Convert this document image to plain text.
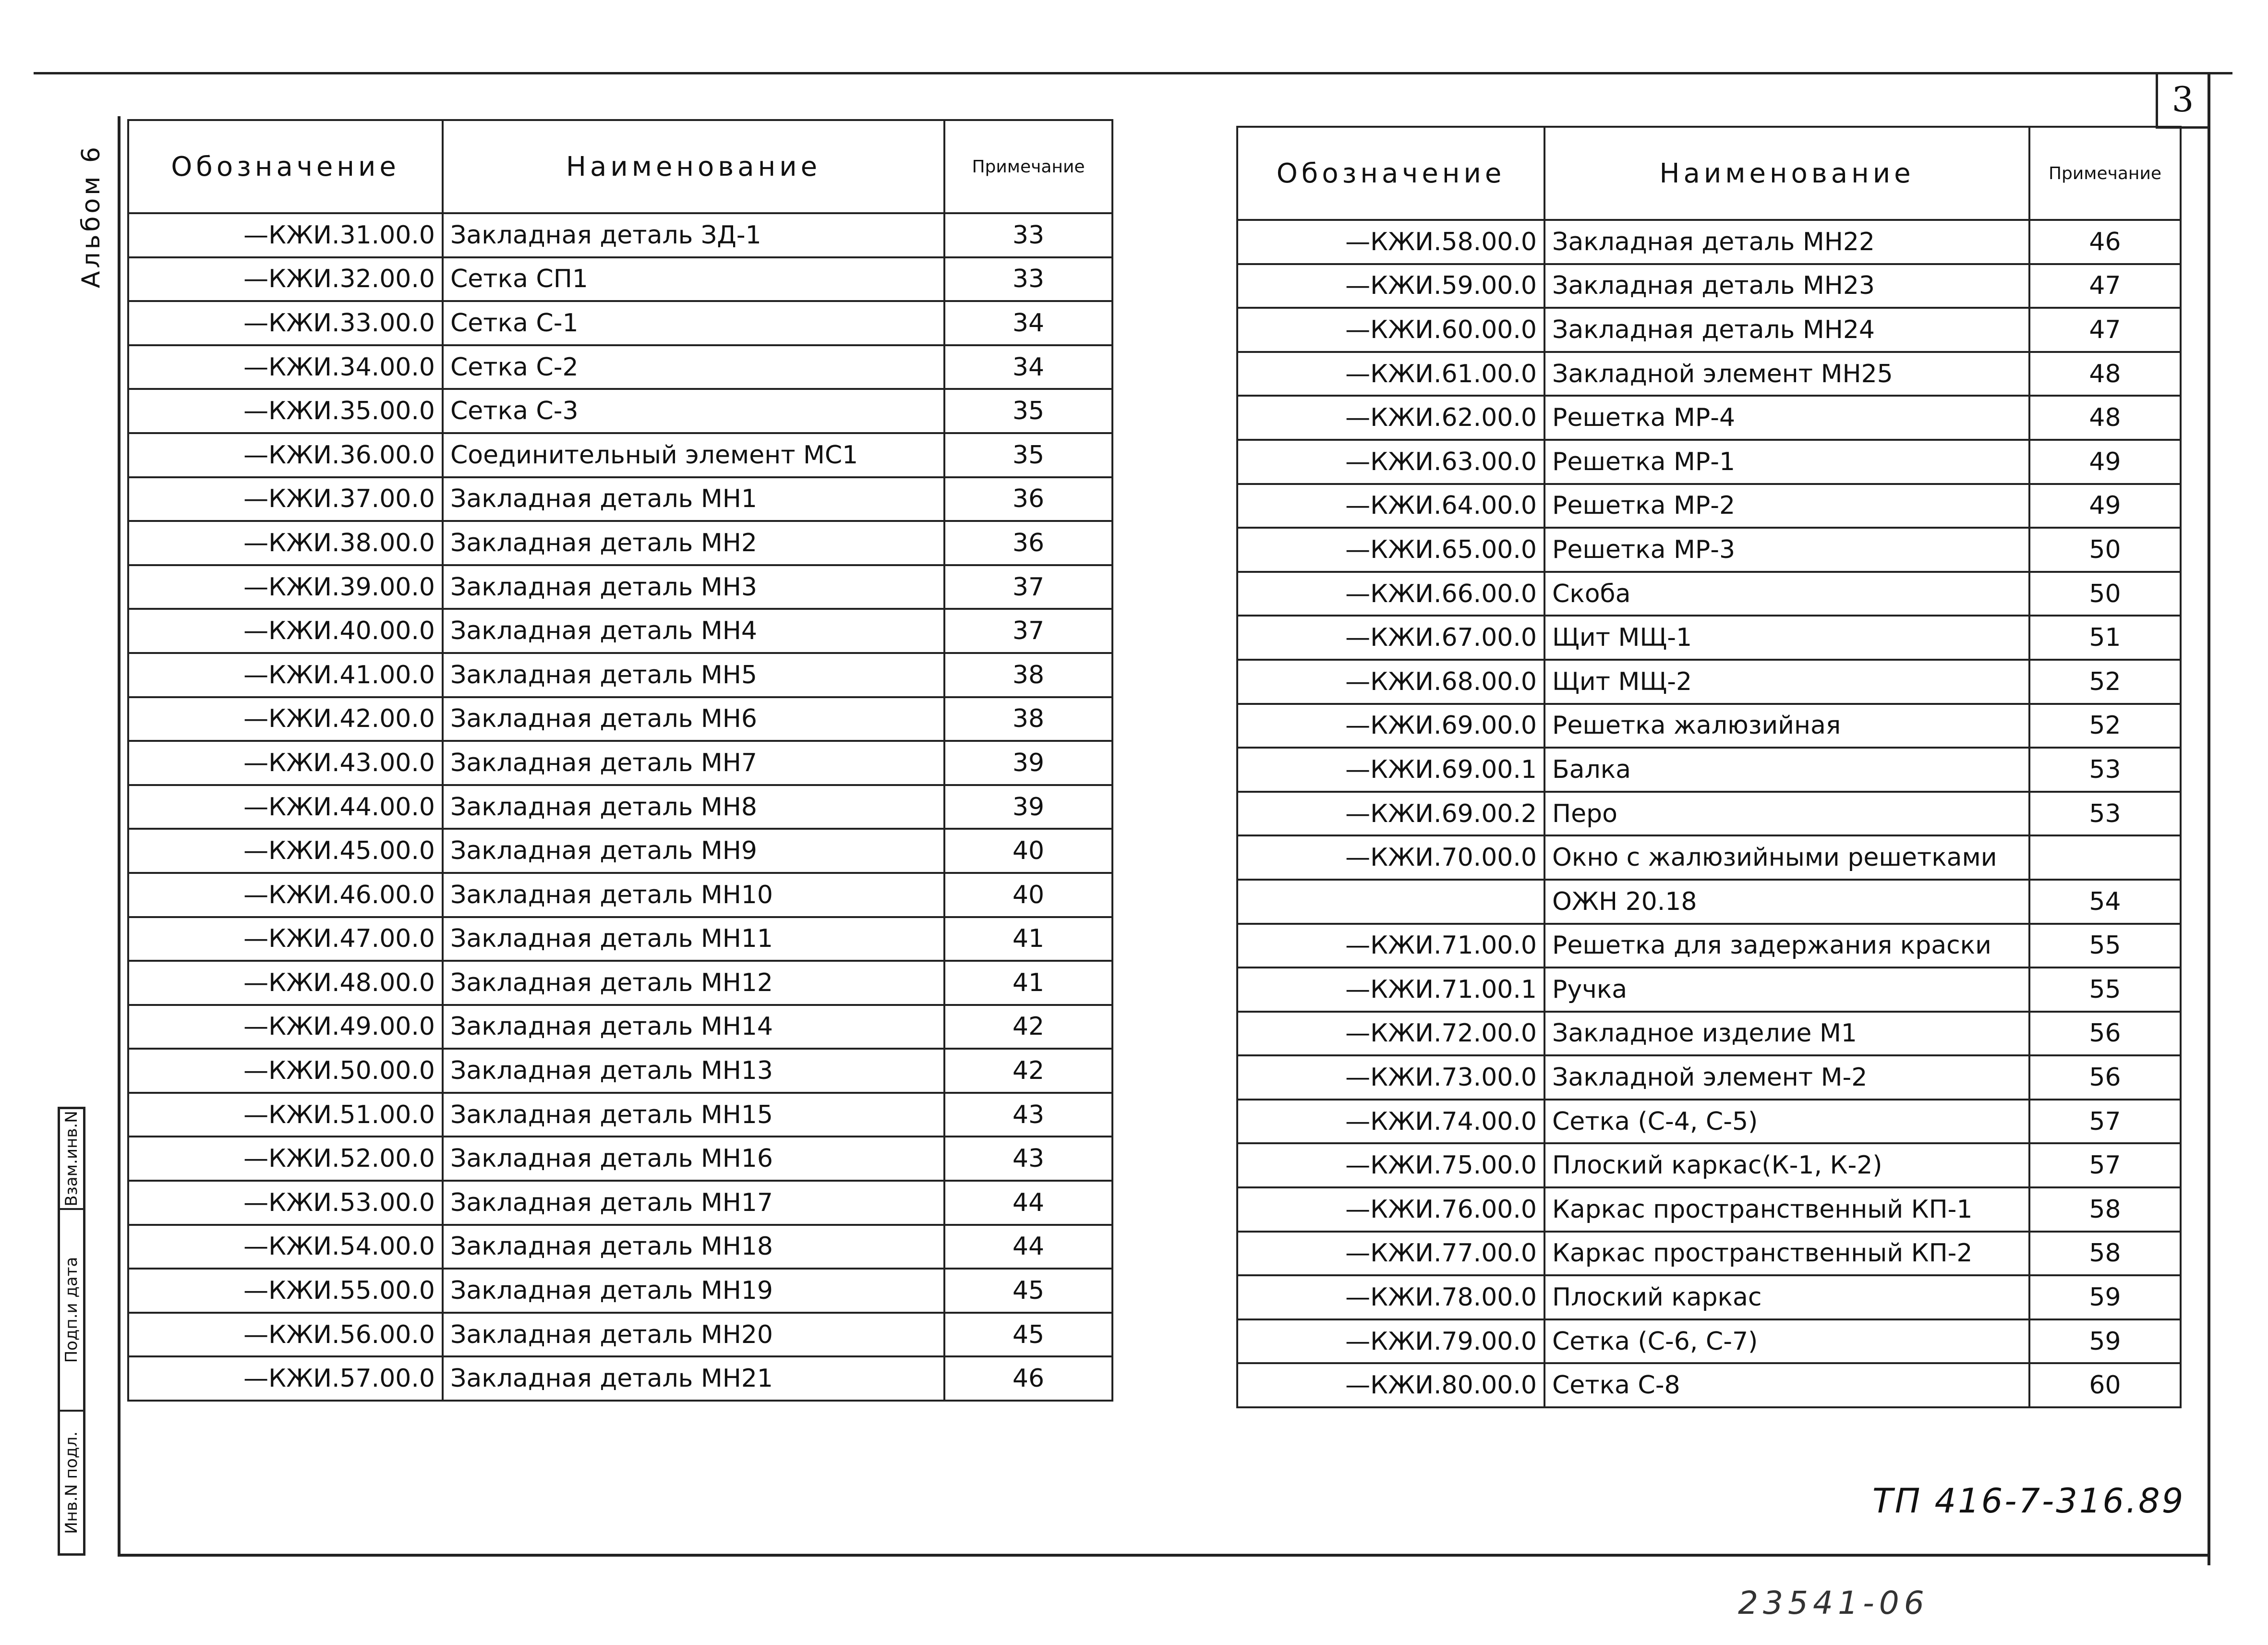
3
Альбом 6
Взам.инв.N
Подп.и дата
Инв.N подл.
Обозначение	Наименование	Примечание
—КЖИ.31.00.0	Закладная деталь ЗД-1	33
—КЖИ.32.00.0	Сетка СП1	33
—КЖИ.33.00.0	Сетка С-1	34
—КЖИ.34.00.0	Сетка С-2	34
—КЖИ.35.00.0	Сетка С-3	35
—КЖИ.36.00.0	Соединительный элемент МС1	35
—КЖИ.37.00.0	Закладная деталь МН1	36
—КЖИ.38.00.0	Закладная деталь МН2	36
—КЖИ.39.00.0	Закладная деталь МН3	37
—КЖИ.40.00.0	Закладная деталь МН4	37
—КЖИ.41.00.0	Закладная деталь МН5	38
—КЖИ.42.00.0	Закладная деталь МН6	38
—КЖИ.43.00.0	Закладная деталь МН7	39
—КЖИ.44.00.0	Закладная деталь МН8	39
—КЖИ.45.00.0	Закладная деталь МН9	40
—КЖИ.46.00.0	Закладная деталь МН10	40
—КЖИ.47.00.0	Закладная деталь МН11	41
—КЖИ.48.00.0	Закладная деталь МН12	41
—КЖИ.49.00.0	Закладная деталь МН14	42
—КЖИ.50.00.0	Закладная деталь МН13	42
—КЖИ.51.00.0	Закладная деталь МН15	43
—КЖИ.52.00.0	Закладная деталь МН16	43
—КЖИ.53.00.0	Закладная деталь МН17	44
—КЖИ.54.00.0	Закладная деталь МН18	44
—КЖИ.55.00.0	Закладная деталь МН19	45
—КЖИ.56.00.0	Закладная деталь МН20	45
—КЖИ.57.00.0	Закладная деталь МН21	46
Обозначение	Наименование	Примечание
—КЖИ.58.00.0	Закладная деталь МН22	46
—КЖИ.59.00.0	Закладная деталь МН23	47
—КЖИ.60.00.0	Закладная деталь МН24	47
—КЖИ.61.00.0	Закладной элемент МН25	48
—КЖИ.62.00.0	Решетка МР-4	48
—КЖИ.63.00.0	Решетка МР-1	49
—КЖИ.64.00.0	Решетка МР-2	49
—КЖИ.65.00.0	Решетка МР-3	50
—КЖИ.66.00.0	Скоба	50
—КЖИ.67.00.0	Щит МЩ-1	51
—КЖИ.68.00.0	Щит МЩ-2	52
—КЖИ.69.00.0	Решетка жалюзийная	52
—КЖИ.69.00.1	Балка	53
—КЖИ.69.00.2	Перо	53
—КЖИ.70.00.0	Окно с жалюзийными решетками	
	ОЖН 20.18	54
—КЖИ.71.00.0	Решетка для задержания краски	55
—КЖИ.71.00.1	Ручка	55
—КЖИ.72.00.0	Закладное изделие М1	56
—КЖИ.73.00.0	Закладной элемент М-2	56
—КЖИ.74.00.0	Сетка (С-4, С-5)	57
—КЖИ.75.00.0	Плоский каркас(К-1, К-2)	57
—КЖИ.76.00.0	Каркас пространственный КП-1	58
—КЖИ.77.00.0	Каркас пространственный КП-2	58
—КЖИ.78.00.0	Плоский каркас	59
—КЖИ.79.00.0	Сетка (С-6, С-7)	59
—КЖИ.80.00.0	Сетка С-8	60
ТП 416-7-316.89
23541-06
